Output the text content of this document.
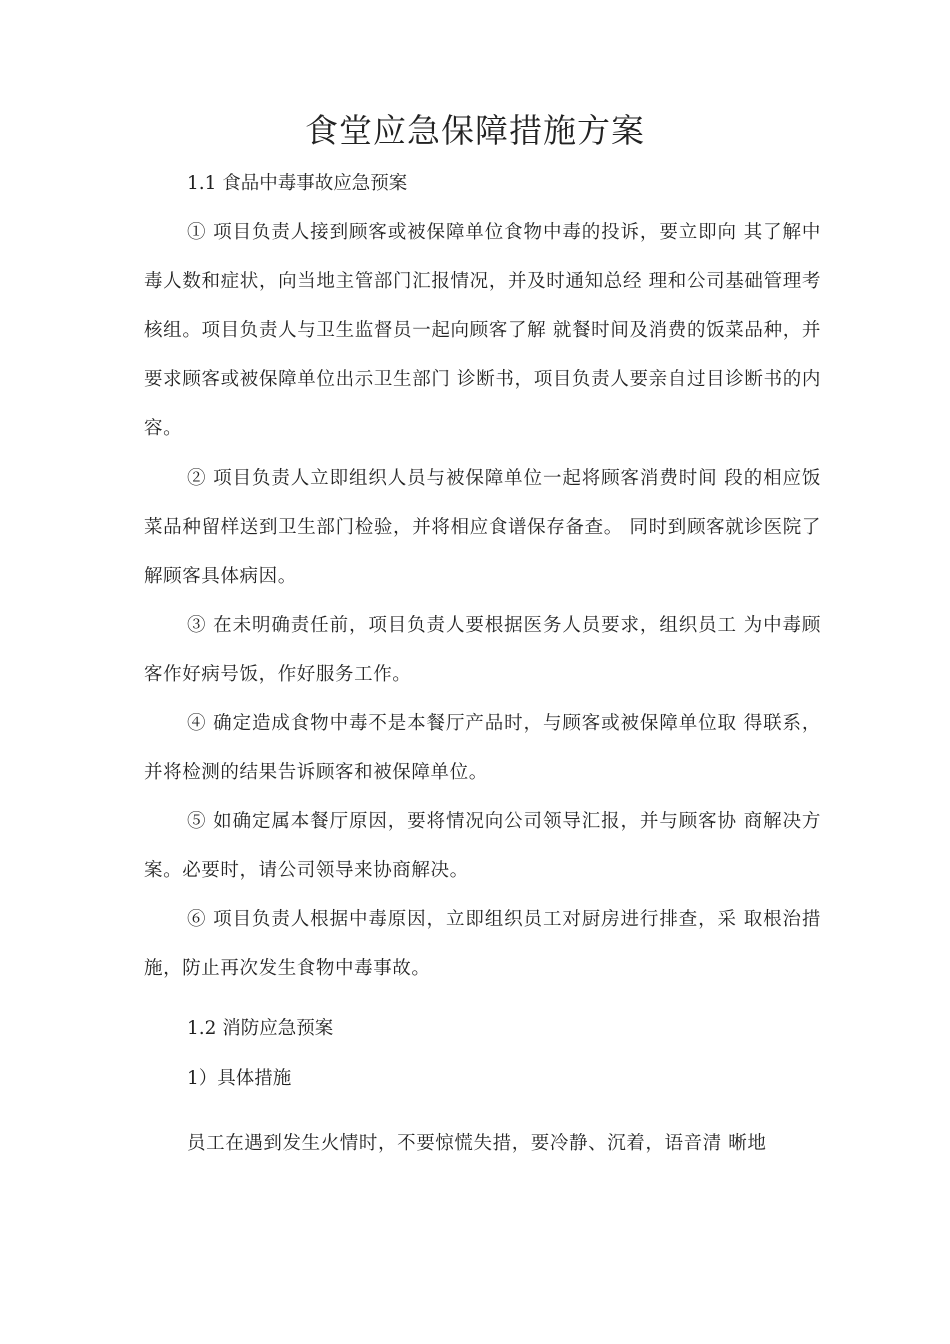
食堂应急保障措施方案

1.1 食品中毒事故应急预案

① 项目负责人接到顾客或被保障单位食物中毒的投诉，要立即向 其了解中毒人数和症状，向当地主管部门汇报情况，并及时通知总经 理和公司基础管理考核组。项目负责人与卫生监督员一起向顾客了解 就餐时间及消费的饭菜品种，并要求顾客或被保障单位出示卫生部门 诊断书，项目负责人要亲自过目诊断书的内容。

② 项目负责人立即组织人员与被保障单位一起将顾客消费时间 段的相应饭菜品种留样送到卫生部门检验，并将相应食谱保存备查。 同时到顾客就诊医院了解顾客具体病因。

③ 在未明确责任前，项目负责人要根据医务人员要求，组织员工 为中毒顾客作好病号饭，作好服务工作。

④ 确定造成食物中毒不是本餐厅产品时，与顾客或被保障单位取 得联系，并将检测的结果告诉顾客和被保障单位。

⑤ 如确定属本餐厅原因，要将情况向公司领导汇报，并与顾客协 商解决方案。必要时，请公司领导来协商解决。

⑥ 项目负责人根据中毒原因，立即组织员工对厨房进行排查，采 取根治措施，防止再次发生食物中毒事故。

1.2 消防应急预案

1）具体措施

员工在遇到发生火情时，不要惊慌失措，要冷静、沉着，语音清 晰地
